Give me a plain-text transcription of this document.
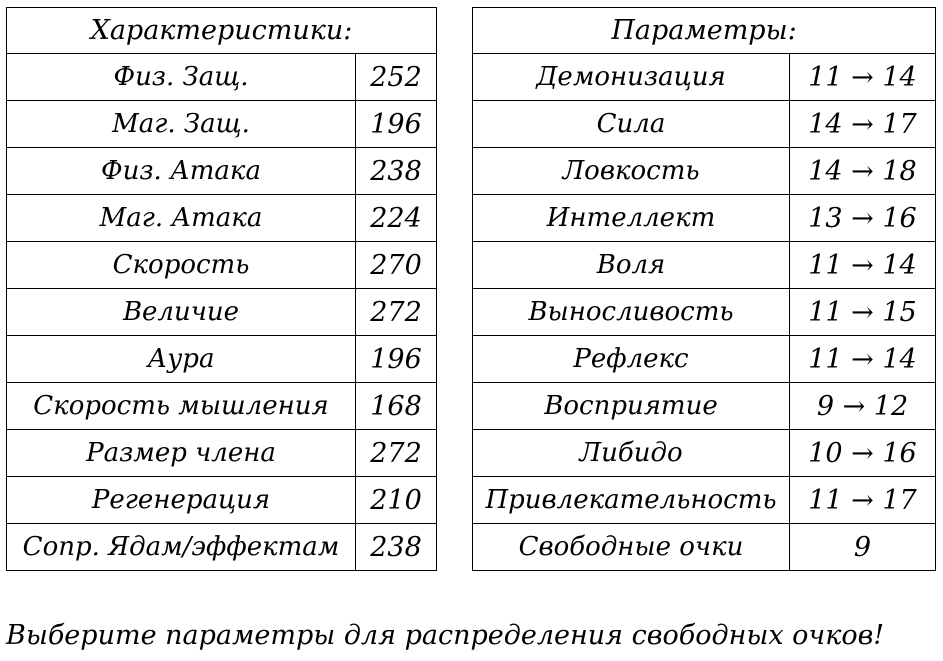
Характеристики:	
Физ. Защ.	252
Маг. Защ.	196
Физ. Атака	238
Маг. Атака	224
Скорость	270
Величие	272
Аура	196
Скорость мышления	168
Размер члена	272
Регенерация	210
Сопр. Ядам/эффектам	238
Параметры:	
Демонизация	11 → 14
Сила	14 → 17
Ловкость	14 → 18
Интеллект	13 → 16
Воля	11 → 14
Выносливость	11 → 15
Рефлекс	11 → 14
Восприятие	9 → 12
Либидо	10 → 16
Привлекательность	11 → 17
Свободные очки	9
Выберите параметры для распределения свободных очков!
